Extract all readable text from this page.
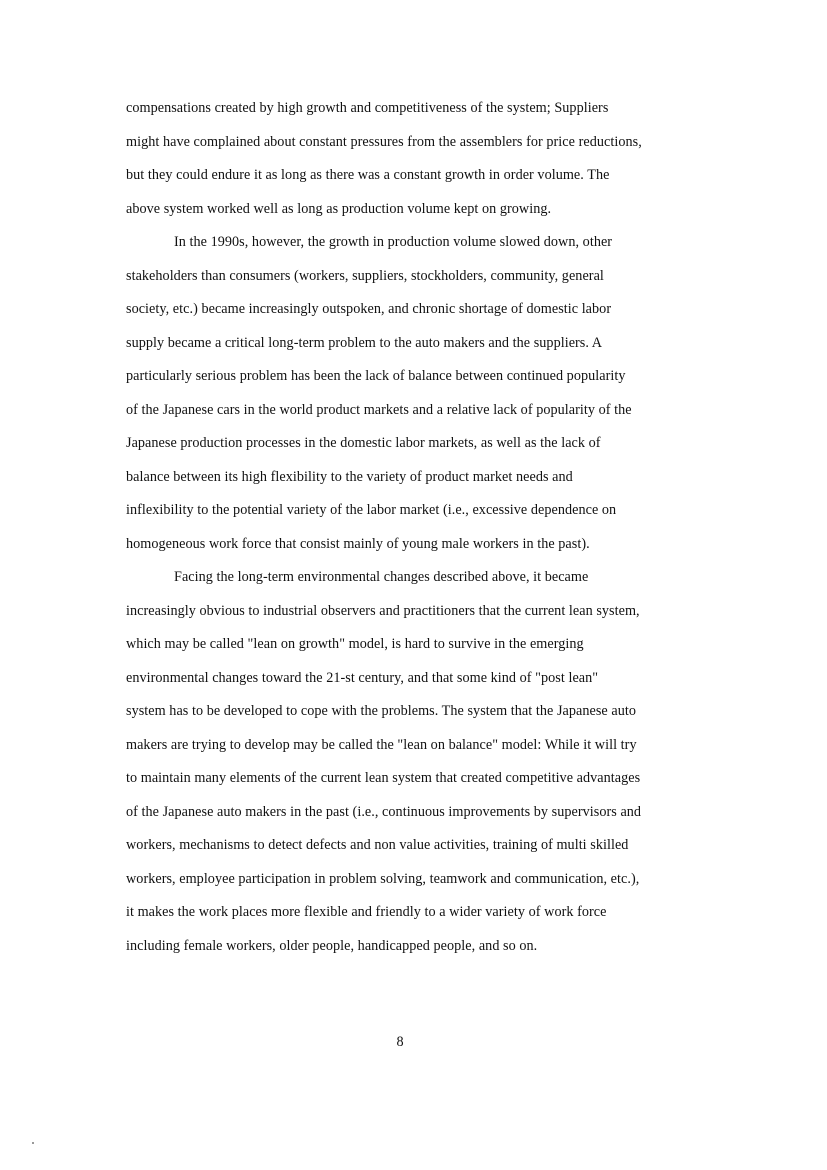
compensations created by high growth and competitiveness of the system; Suppliers
might have complained about constant pressures from the assemblers for price reductions,
but they could endure it as long as there was a constant growth in order volume. The
above system worked well as long as production volume kept on growing.
In the 1990s, however, the growth in production volume slowed down, other
stakeholders than consumers (workers, suppliers, stockholders, community, general
society, etc.) became increasingly outspoken, and chronic shortage of domestic labor
supply became a critical long-term problem to the auto makers and the suppliers. A
particularly serious problem has been the lack of balance between continued popularity
of the Japanese cars in the world product markets and a relative lack of popularity of the
Japanese production processes in the domestic labor markets, as well as the lack of
balance between its high flexibility to the variety of product market needs and
inflexibility to the potential variety of the labor market (i.e., excessive dependence on
homogeneous work force that consist mainly of young male workers in the past).
Facing the long-term environmental changes described above, it became
increasingly obvious to industrial observers and practitioners that the current lean system,
which may be called "lean on growth" model, is hard to survive in the emerging
environmental changes toward the 21-st century, and that some kind of "post lean"
system has to be developed to cope with the problems. The system that the Japanese auto
makers are trying to develop may be called the "lean on balance" model: While it will try
to maintain many elements of the current lean system that created competitive advantages
of the Japanese auto makers in the past (i.e., continuous improvements by supervisors and
workers, mechanisms to detect defects and non value activities, training of multi skilled
workers, employee participation in problem solving, teamwork and communication, etc.),
it makes the work places more flexible and friendly to a wider variety of work force
including female workers, older people, handicapped people, and so on.
8
